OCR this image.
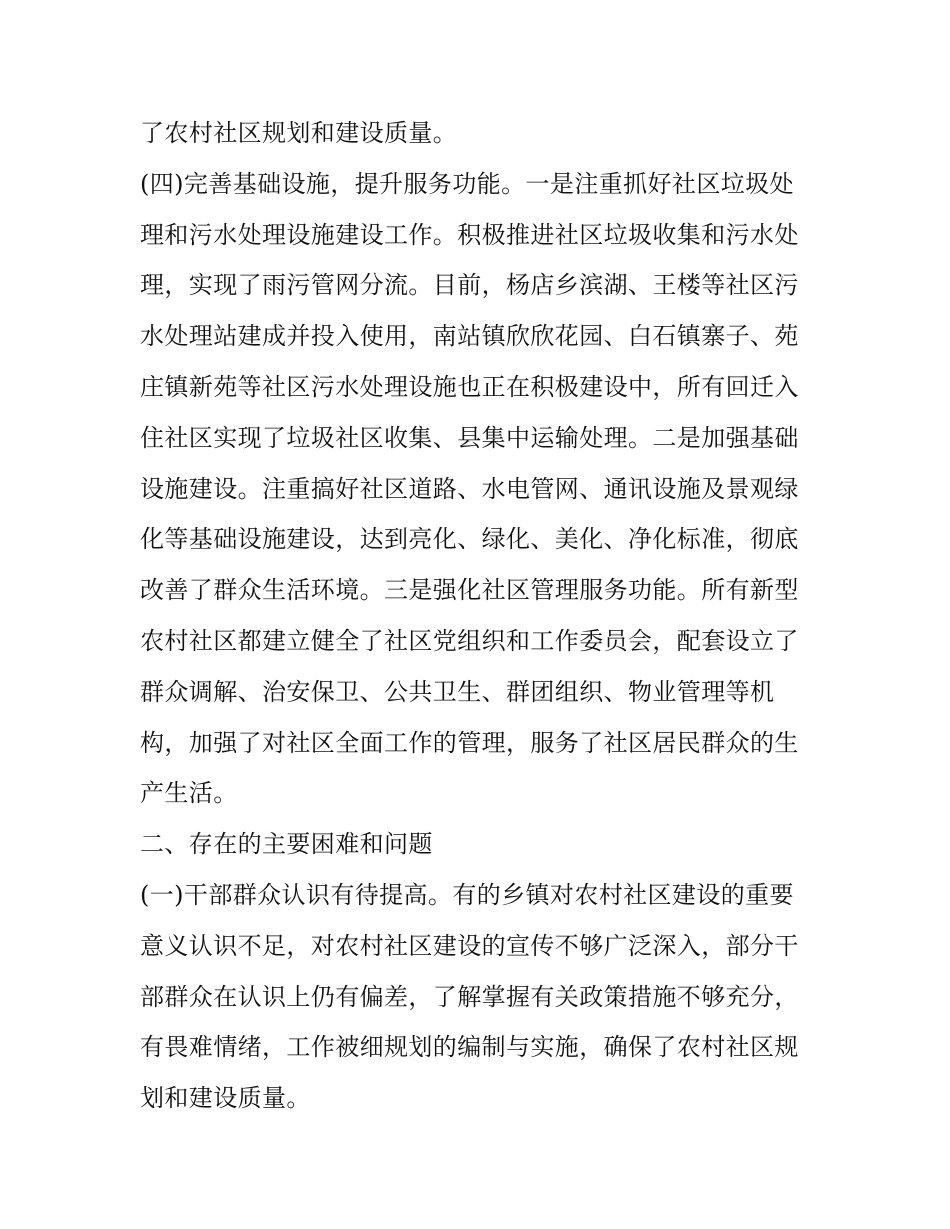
了农村社区规划和建设质量。
(四)完善基础设施，提升服务功能。一是注重抓好社区垃圾处
理和污水处理设施建设工作。积极推进社区垃圾收集和污水处
理，实现了雨污管网分流。目前，杨店乡滨湖、王楼等社区污
水处理站建成并投入使用，南站镇欣欣花园、白石镇寨子、苑
庄镇新苑等社区污水处理设施也正在积极建设中，所有回迁入
住社区实现了垃圾社区收集、县集中运输处理。二是加强基础
设施建设。注重搞好社区道路、水电管网、通讯设施及景观绿
化等基础设施建设，达到亮化、绿化、美化、净化标准，彻底
改善了群众生活环境。三是强化社区管理服务功能。所有新型
农村社区都建立健全了社区党组织和工作委员会，配套设立了
群众调解、治安保卫、公共卫生、群团组织、物业管理等机
构，加强了对社区全面工作的管理，服务了社区居民群众的生
产生活。
二、存在的主要困难和问题
(一)干部群众认识有待提高。有的乡镇对农村社区建设的重要
意义认识不足，对农村社区建设的宣传不够广泛深入，部分干
部群众在认识上仍有偏差，了解掌握有关政策措施不够充分，
有畏难情绪，工作被细规划的编制与实施，确保了农村社区规
划和建设质量。
